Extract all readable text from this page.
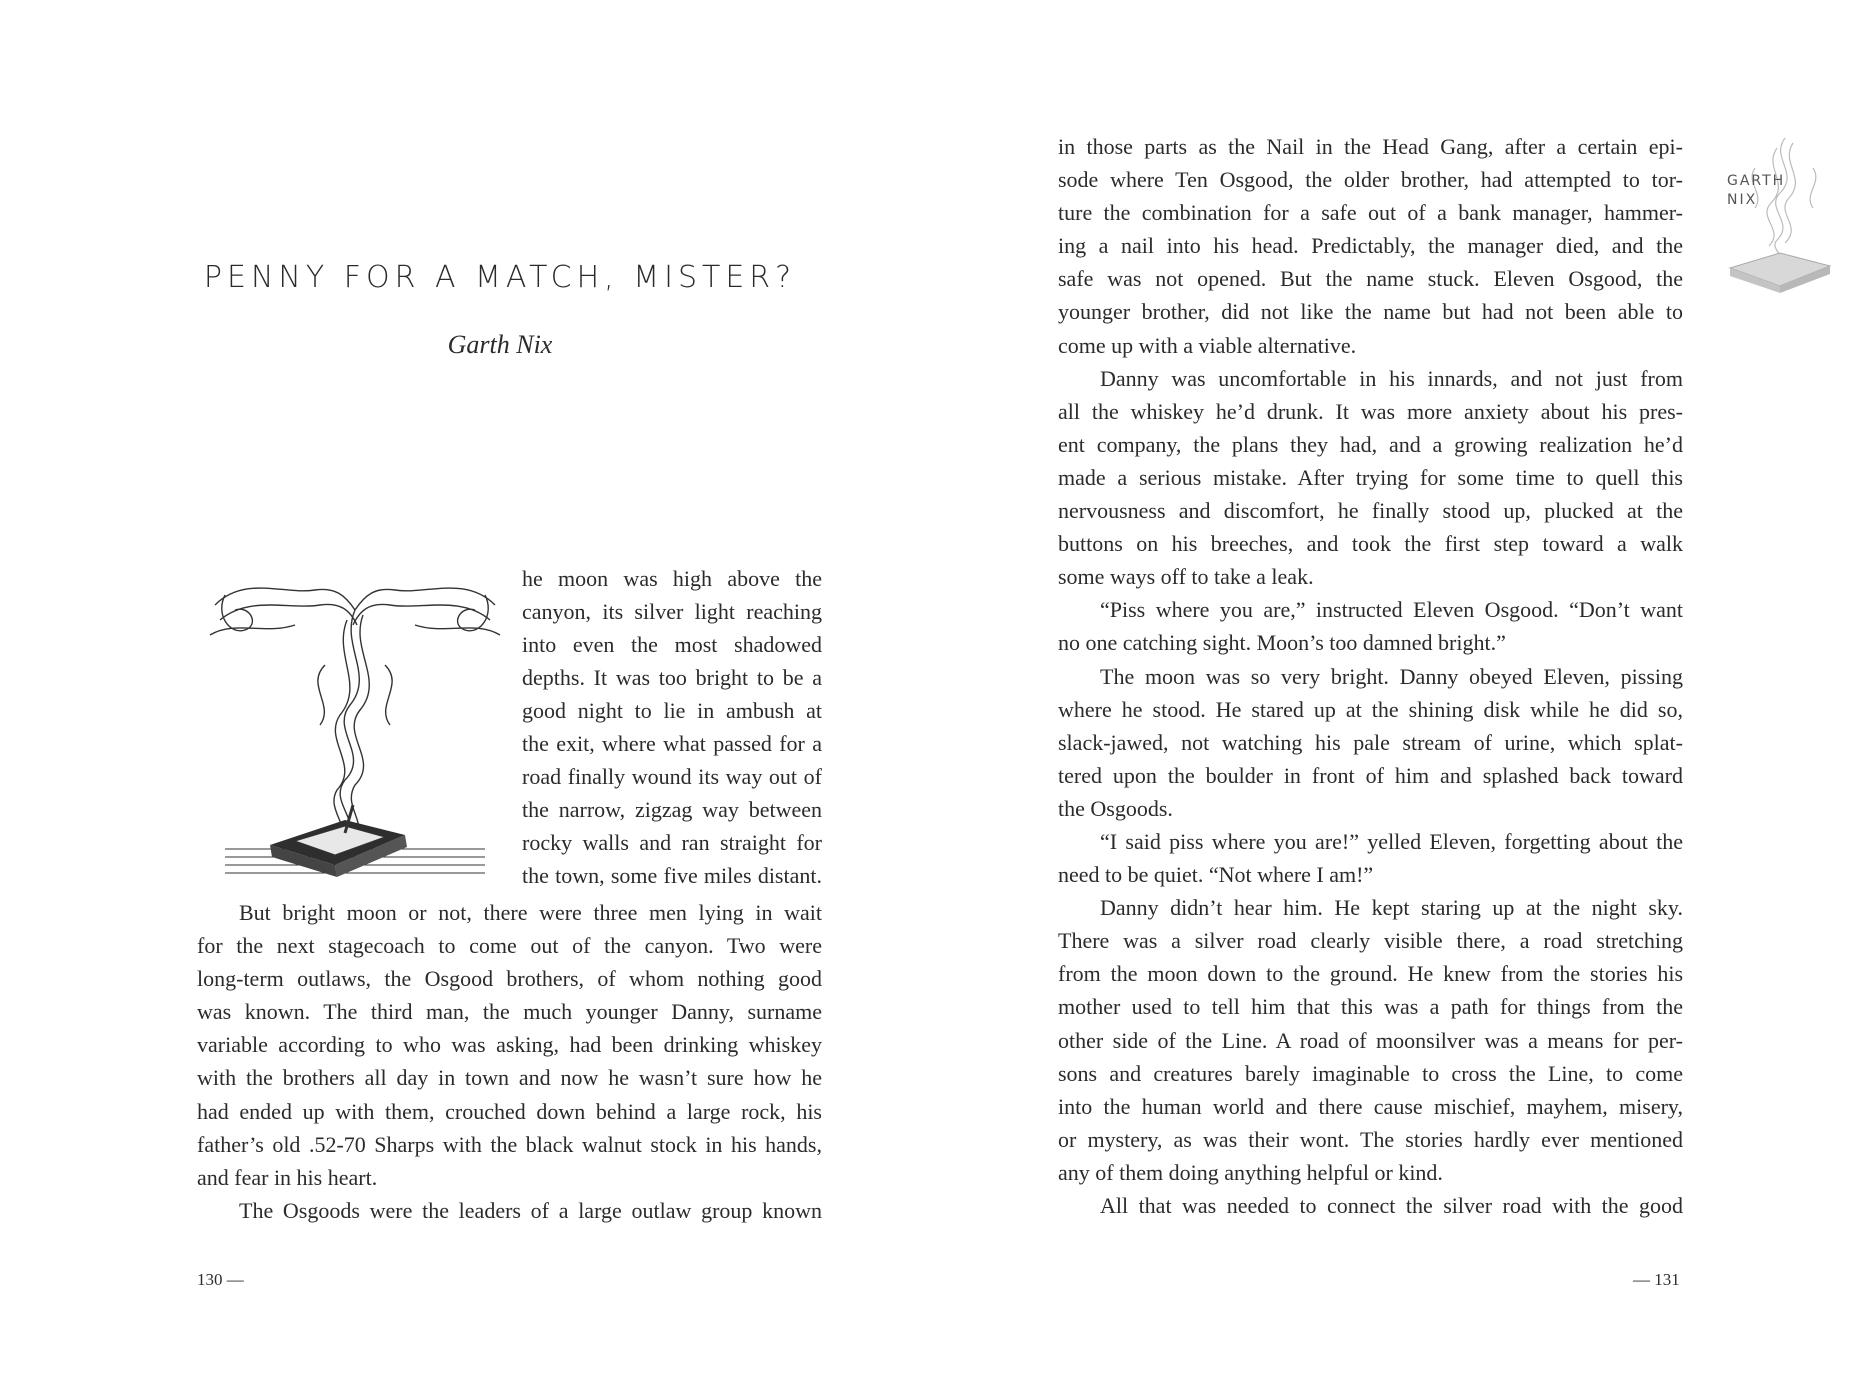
PENNY FOR A MATCH, MISTER?
Garth Nix
he moon was high above the
canyon, its silver light reaching
into even the most shadowed
depths. It was too bright to be a
good night to lie in ambush at
the exit, where what passed for a
road finally wound its way out of
the narrow, zigzag way between
rocky walls and ran straight for
the town, some five miles distant.
But bright moon or not, there were three men lying in wait
for the next stagecoach to come out of the canyon. Two were
long-term outlaws, the Osgood brothers, of whom nothing good
was known. The third man, the much younger Danny, surname
variable according to who was asking, had been drinking whiskey
with the brothers all day in town and now he wasn’t sure how he
had ended up with them, crouched down behind a large rock, his
father’s old .52-70 Sharps with the black walnut stock in his hands,
and fear in his heart.
The Osgoods were the leaders of a large outlaw group known
130 —
GARTH
NIX
in those parts as the Nail in the Head Gang, after a certain epi-
sode where Ten Osgood, the older brother, had attempted to tor-
ture the combination for a safe out of a bank manager, hammer-
ing a nail into his head. Predictably, the manager died, and the
safe was not opened. But the name stuck. Eleven Osgood, the
younger brother, did not like the name but had not been able to
come up with a viable alternative.
Danny was uncomfortable in his innards, and not just from
all the whiskey he’d drunk. It was more anxiety about his pres-
ent company, the plans they had, and a growing realization he’d
made a serious mistake. After trying for some time to quell this
nervousness and discomfort, he finally stood up, plucked at the
buttons on his breeches, and took the first step toward a walk
some ways off to take a leak.
“Piss where you are,” instructed Eleven Osgood. “Don’t want
no one catching sight. Moon’s too damned bright.”
The moon was so very bright. Danny obeyed Eleven, pissing
where he stood. He stared up at the shining disk while he did so,
slack-jawed, not watching his pale stream of urine, which splat-
tered upon the boulder in front of him and splashed back toward
the Osgoods.
“I said piss where you are!” yelled Eleven, forgetting about the
need to be quiet. “Not where I am!”
Danny didn’t hear him. He kept staring up at the night sky.
There was a silver road clearly visible there, a road stretching
from the moon down to the ground. He knew from the stories his
mother used to tell him that this was a path for things from the
other side of the Line. A road of moonsilver was a means for per-
sons and creatures barely imaginable to cross the Line, to come
into the human world and there cause mischief, mayhem, misery,
or mystery, as was their wont. The stories hardly ever mentioned
any of them doing anything helpful or kind.
All that was needed to connect the silver road with the good
— 131
